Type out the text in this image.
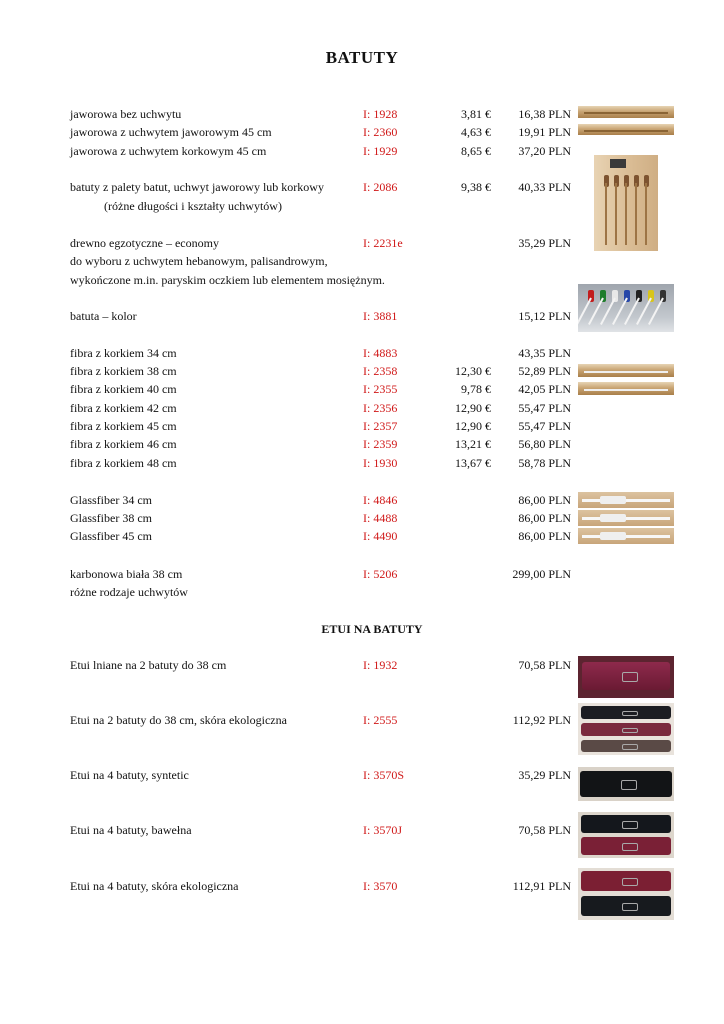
BATUTY
jaworowa bez uchwytu	I: 1928	3,81 € 16,38 PLN
jaworowa z uchwytem jaworowym 45 cm	I: 2360	4,63 € 19,91 PLN
jaworowa z uchwytem korkowym 45 cm	I: 1929	8,65 € 37,20 PLN
batuty z palety batut, uchwyt jaworowy lub korkowy	I: 2086	9,38 € 40,33 PLN
(różne długości i kształty uchwytów)
drewno egzotyczne – economy	I: 2231e	35,29 PLN
do wyboru z uchwytem hebanowym, palisandrowym,
wykończone m.in. paryskim oczkiem lub elementem mosiężnym.
batuta – kolor	I: 3881	15,12 PLN
fibra z korkiem 34 cm	I: 4883	43,35 PLN
fibra z korkiem 38 cm	I: 2358	12,30 € 52,89 PLN
fibra z korkiem 40 cm	I: 2355	9,78 € 42,05 PLN
fibra z korkiem 42 cm	I: 2356	12,90 € 55,47 PLN
fibra z korkiem 45 cm	I: 2357	12,90 € 55,47 PLN
fibra z korkiem 46 cm	I: 2359	13,21 € 56,80 PLN
fibra z korkiem 48 cm	I: 1930	13,67 € 58,78 PLN
Glassfiber 34 cm	I: 4846	86,00 PLN
Glassfiber 38 cm	I: 4488	86,00 PLN
Glassfiber 45 cm	I: 4490	86,00 PLN
karbonowa biała 38 cm	I: 5206	299,00 PLN
różne rodzaje uchwytów
ETUI NA BATUTY
Etui lniane na 2 batuty do 38 cm	I: 1932	70,58 PLN
Etui na 2 batuty do 38 cm, skóra ekologiczna	I: 2555	112,92 PLN
Etui na 4 batuty, syntetic	I: 3570S	35,29 PLN
Etui na 4 batuty, bawełna	I: 3570J	70,58 PLN
Etui na 4 batuty, skóra ekologiczna	I: 3570	112,91 PLN
